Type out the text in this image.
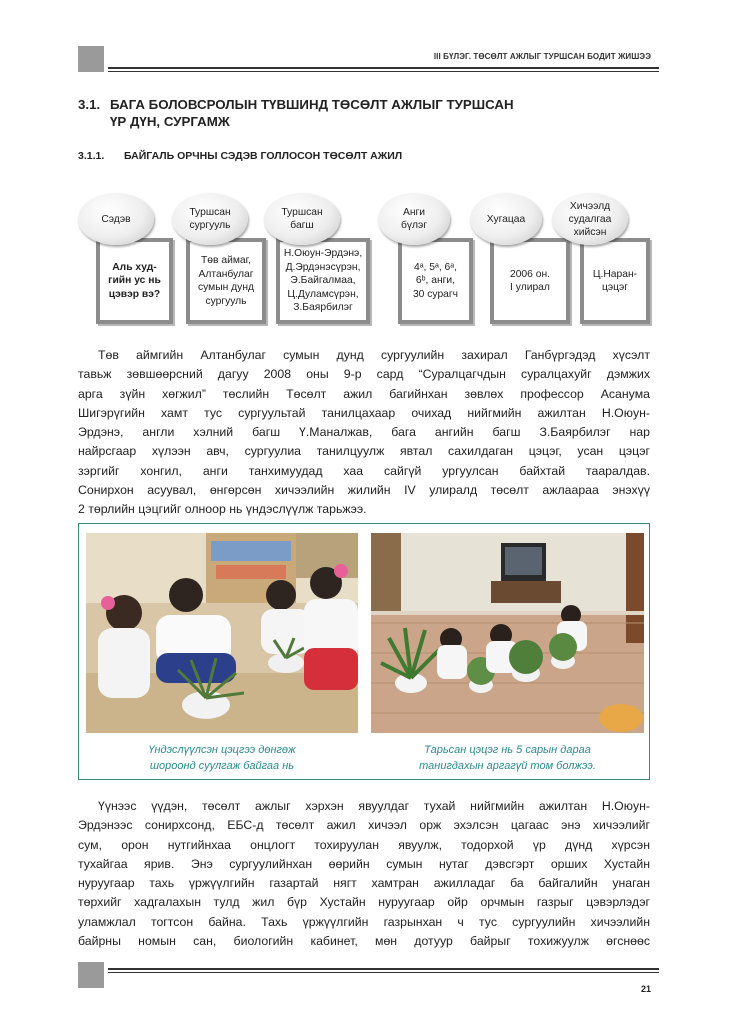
III БҮЛЭГ. ТӨСӨЛТ АЖЛЫГ ТУРШСАН БОДИТ ЖИШЭЭ
3.1. БАГА БОЛОВСРОЛЫН ТҮВШИНД ТӨСӨЛТ АЖЛЫГ ТУРШСАН ҮР ДҮН, СУРГАМЖ
3.1.1. БАЙГАЛЬ ОРЧНЫ СЭДЭВ ГОЛЛОСОН ТӨСӨЛТ АЖИЛ
Аль худ-
гийн ус нь
цэвэр вэ?
Сэдэв
Төв аймаг,
Алтанбулаг
сумын дунд
сургууль
Туршсан
сургууль
Н.Оюун-Эрдэнэ,
Д.Эрдэнэсүрэн,
Э.Байгалмаа,
Ц.Дуламсүрэн,
З.Баярбилэг
Туршсан
багш
4ᵃ, 5ᵃ, 6ᵃ,
6ᵇ, анги,
30 сурагч
Анги
бүлэг
2006 он.
I улирал
Хугацаа
Ц.Наран-
цэцэг
Хичээлд
судалгаа
хийсэн
Төв аймгийн Алтанбулаг сумын дунд сургуулийн захирал Ганбүргэдэд хүсэлт
тавьж зөвшөөрсний дагуу 2008 оны 9-р сард “Суралцагчдын суралцахуйг дэмжих
арга зүйн хөгжил” төслийн Төсөлт ажил багийнхан зөвлөх профессор Асанума
Шигэрүгийн хамт тус сургуультай танилцахаар очихад нийгмийн ажилтан Н.Оюун-
Эрдэнэ, англи хэлний багш Ү.Маналжав, бага ангийн багш З.Баярбилэг нар
найрсгаар хүлээн авч, сургуулиа танилцуулж явтал сахилдаган цэцэг, усан цэцэг
зэргийг хонгил, анги танхимуудад хаа сайгүй ургуулсан байхтай тааралдав.
Сонирхон асуувал, өнгөрсөн хичээлийн жилийн IV улиралд төсөлт ажлаараа энэхүү
2 төрлийн цэцгийг олноор нь үндэслүүлж тарьжээ.
Үндэслүүлсэн цэцгээ дөнгөж
шороонд суулгаж байгаа нь
Тарьсан цэцэг нь 5 сарын дараа
танигдахын аргагүй том болжээ.
Үүнээс үүдэн, төсөлт ажлыг хэрхэн явуулдаг тухай нийгмийн ажилтан Н.Оюун-
Эрдэнээс сонирхсонд, ЕБС-д төсөлт ажил хичээл орж эхэлсэн цагаас энэ хичээлийг
сум, орон нутгийнхаа онцлогт тохируулан явуулж, тодорхой үр дүнд хүрсэн
тухайгаа ярив. Энэ сургуулийнхан өөрийн сумын нутаг дэвсгэрт орших Хустайн
нуруугаар тахь үржүүлгийн газартай нягт хамтран ажилладаг ба байгалийн унаган
төрхийг хадгалахын тулд жил бүр Хустайн нуруугаар ойр орчмын газрыг цэвэрлэдэг
уламжлал тогтсон байна. Тахь үржүүлгийн газрынхан ч тус сургуулийн хичээлийн
байрны номын сан, биологийн кабинет, мөн дотуур байрыг тохижуулж өгснөөс
21
